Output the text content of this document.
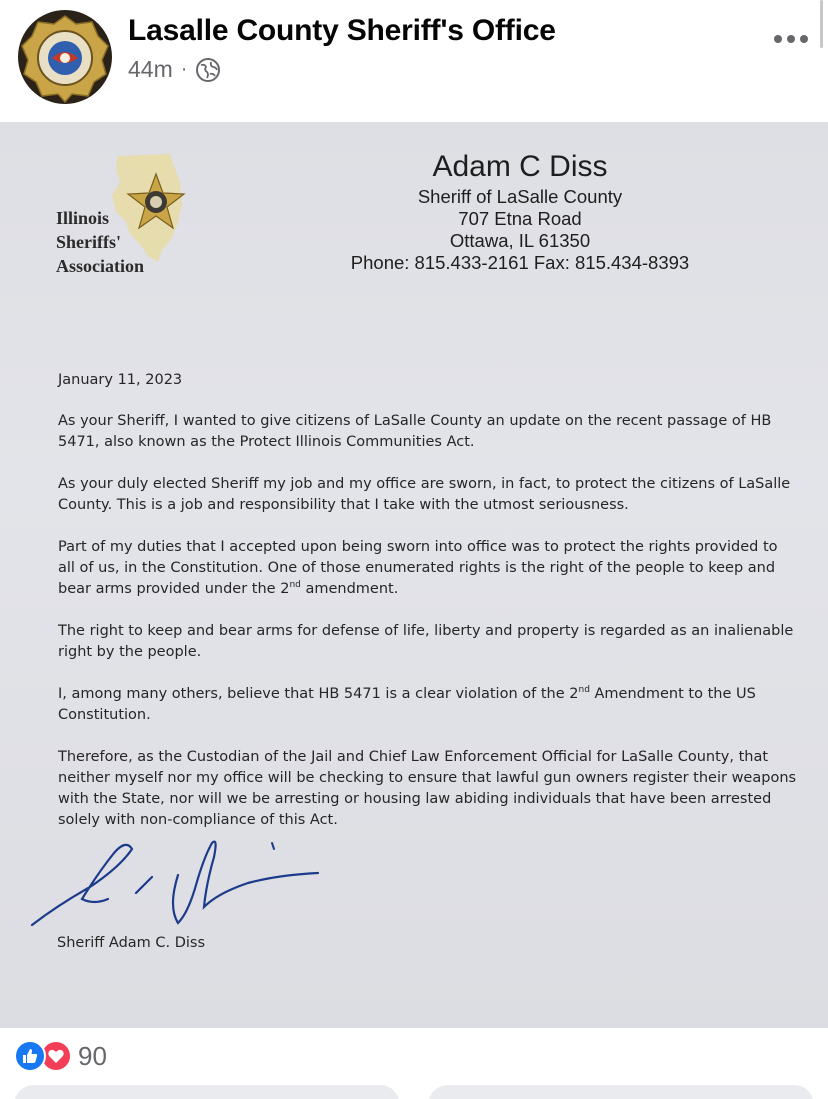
Lasalle County Sheriff's Office
44m ·
Illinois
Sheriffs'
Association
Adam C Diss
Sheriff of LaSalle County
707 Etna Road
Ottawa, IL 61350
Phone: 815.433-2161 Fax: 815.434-8393
January 11, 2023
As your Sheriff, I wanted to give citizens of LaSalle County an update on the recent passage of HB 5471, also known as the Protect Illinois Communities Act.
As your duly elected Sheriff my job and my office are sworn, in fact, to protect the citizens of LaSalle County. This is a job and responsibility that I take with the utmost seriousness.
Part of my duties that I accepted upon being sworn into office was to protect the rights provided to all of us, in the Constitution. One of those enumerated rights is the right of the people to keep and bear arms provided under the 2nd amendment.
The right to keep and bear arms for defense of life, liberty and property is regarded as an inalienable right by the people.
I, among many others, believe that HB 5471 is a clear violation of the 2nd Amendment to the US Constitution.
Therefore, as the Custodian of the Jail and Chief Law Enforcement Official for LaSalle County, that neither myself nor my office will be checking to ensure that lawful gun owners register their weapons with the State, nor will we be arresting or housing law abiding individuals that have been arrested solely with non-compliance of this Act.
Sheriff Adam C. Diss
90
